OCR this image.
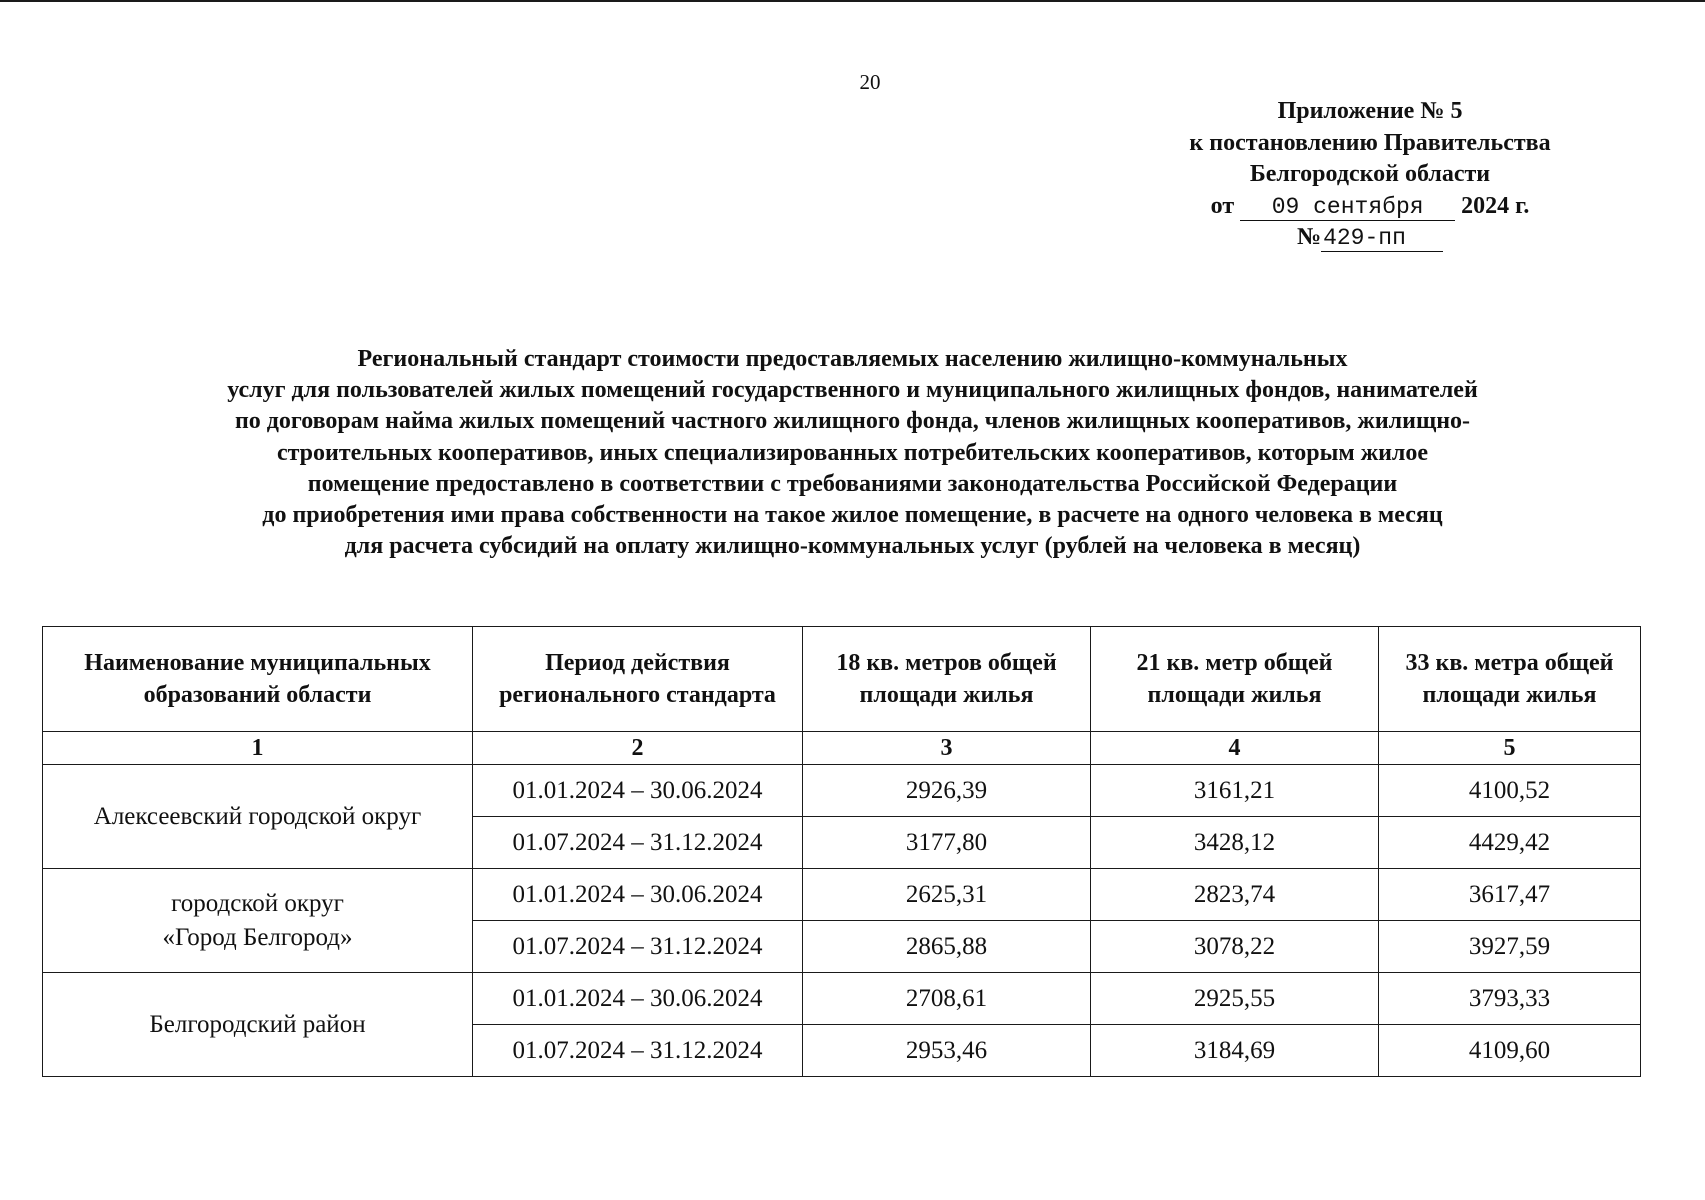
20
Приложение № 5
к постановлению Правительства
Белгородской области
от 09 сентября 2024 г.
№429-пп
Региональный стандарт стоимости предоставляемых населению жилищно-коммунальных
услуг для пользователей жилых помещений государственного и муниципального жилищных фондов, нанимателей
по договорам найма жилых помещений частного жилищного фонда, членов жилищных кооперативов, жилищно-
строительных кооперативов, иных специализированных потребительских кооперативов, которым жилое
помещение предоставлено в соответствии с требованиями законодательства Российской Федерации
до приобретения ими права собственности на такое жилое помещение, в расчете на одного человека в месяц
для расчета субсидий на оплату жилищно-коммунальных услуг (рублей на человека в месяц)
Наименование муниципальных образований области	Период действия регионального стандарта	18 кв. метров общей площади жилья	21 кв. метр общей площади жилья	33 кв. метра общей площади жилья
1	2	3	4	5

Алексеевский городской округ	01.01.2024 – 30.06.2024	2926,39	3161,21	4100,52
	01.07.2024 – 31.12.2024	3177,80	3428,12	4429,42

городской округ
«Город Белгород»	01.01.2024 – 30.06.2024	2625,31	2823,74	3617,47
	01.07.2024 – 31.12.2024	2865,88	3078,22	3927,59

Белгородский район	01.01.2024 – 30.06.2024	2708,61	2925,55	3793,33
	01.07.2024 – 31.12.2024	2953,46	3184,69	4109,60
